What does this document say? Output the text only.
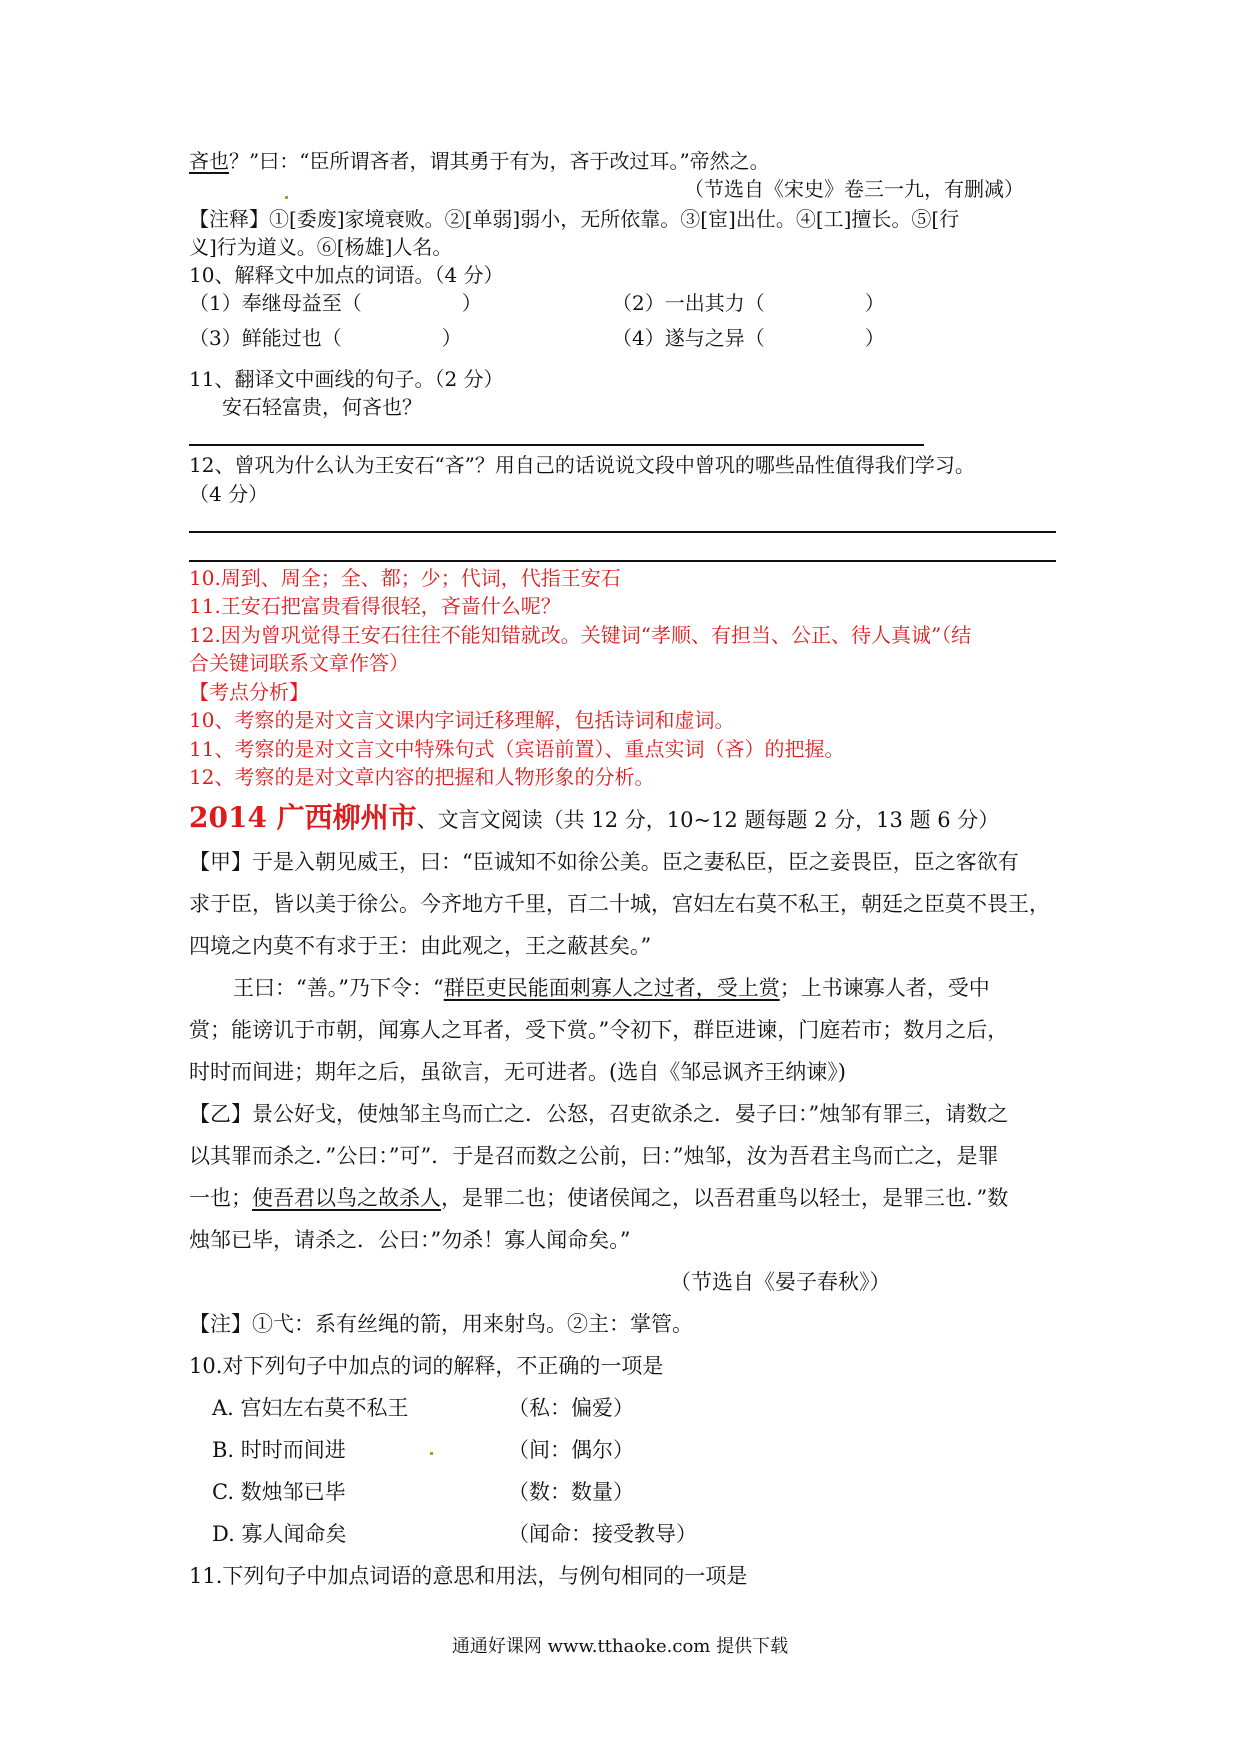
吝也？”曰：“臣所谓吝者，谓其勇于有为，吝于改过耳。”帝然之。
（节选自《宋史》卷三一九，有删减）
【注释】①[委废]家境衰败。②[单弱]弱小，无所依靠。③[宦]出仕。④[工]擅长。⑤[行
义]行为道义。⑥[杨雄]人名。
10、解释文中加点的词语。（4 分）
（1）奉继母益至（　　　　　）	（2）一出其力（　　　　　）
（3）鲜能过也（　　　　　）	（4）遂与之异（　　　　　）
11、翻译文中画线的句子。（2 分）
安石轻富贵，何吝也？
12、曾巩为什么认为王安石“吝”？用自己的话说说文段中曾巩的哪些品性值得我们学习。
（4 分）
10.周到、周全；全、都；少；代词，代指王安石
11.王安石把富贵看得很轻，吝啬什么呢？
12.因为曾巩觉得王安石往往不能知错就改。关键词“孝顺、有担当、公正、待人真诚”（结
合关键词联系文章作答）
【考点分析】
10、考察的是对文言文课内字词迁移理解，包括诗词和虚词。
11、考察的是对文言文中特殊句式（宾语前置）、重点实词（吝）的把握。
12、考察的是对文章内容的把握和人物形象的分析。
2014 广西柳州市、文言文阅读（共 12 分，10~12 题每题 2 分，13 题 6 分）
【甲】于是入朝见威王，曰：“臣诚知不如徐公美。臣之妻私臣，臣之妾畏臣，臣之客欲有
求于臣，皆以美于徐公。今齐地方千里，百二十城，宫妇左右莫不私王，朝廷之臣莫不畏王，
四境之内莫不有求于王：由此观之，王之蔽甚矣。”
王曰：“善。”乃下令：“群臣吏民能面刺寡人之过者，受上赏；上书谏寡人者，受中
赏；能谤讥于市朝，闻寡人之耳者，受下赏。”令初下，群臣进谏，门庭若市；数月之后，
时时而间进；期年之后，虽欲言，无可进者。(选自《邹忌讽齐王纳谏》)
【乙】景公好戈，使烛邹主鸟而亡之．公怒，召吏欲杀之．晏子曰：”烛邹有罪三，请数之
以其罪而杀之．”公曰：”可”．于是召而数之公前，曰：”烛邹，汝为吾君主鸟而亡之，是罪
一也；使吾君以鸟之故杀人，是罪二也；使诸侯闻之，以吾君重鸟以轻士，是罪三也．”数
烛邹已毕，请杀之．公曰：”勿杀！寡人闻命矣。”
（节选自《晏子春秋》）
【注】①弋：系有丝绳的箭，用来射鸟。②主：掌管。
10.对下列句子中加点的词的解释，不正确的一项是
A. 宫妇左右莫不私王	（私：偏爱）
B. 时时而间进	（间：偶尔）
C. 数烛邹已毕	（数：数量）
D. 寡人闻命矣	（闻命：接受教导）
11.下列句子中加点词语的意思和用法，与例句相同的一项是
通通好课网 www.tthaoke.com 提供下载
